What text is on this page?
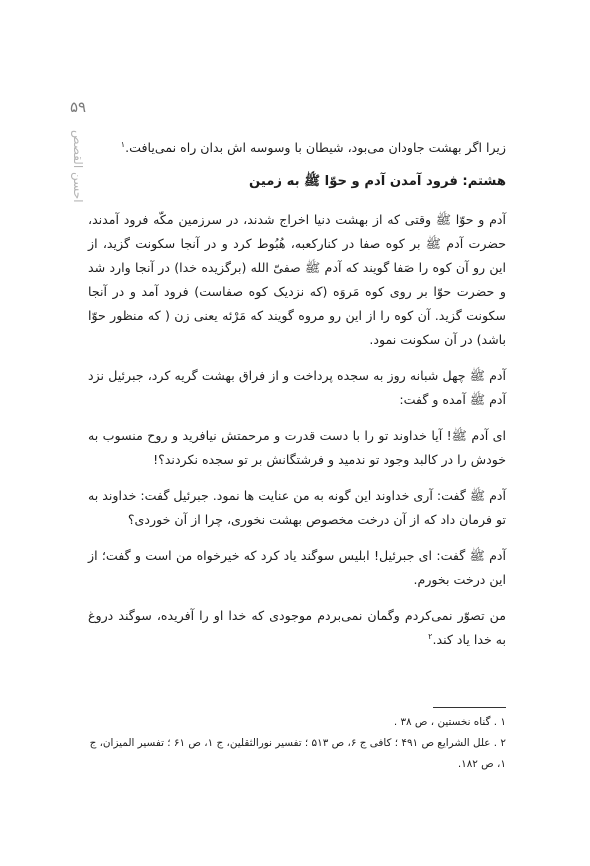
۵۹
احسن القصص	زیرا اگر بهشت جاودان می‌بود، شیطان با وسوسه اش بدان راه نمی‌یافت.$^۱$

هشتم: فرود آمدن آدم و حوّا ﷺ به زمین

آدم و حوّا ﷺ وقتی که از بهشت دنیا اخراج شدند، در سرزمین مکّه فرود آمدند، حضرت آدم ﷺ بر کوه صفا در کنارکعبه، هُبُوط کرد و در آنجا سکونت گزید، از این رو آن کوه را صَفا گویند که آدم ﷺ صفیّ الله (برگزیده خدا) در آنجا وارد شد و حضرت حوّا بر روی کوه مَروَه (که نزدیک کوه صفاست) فرود آمد و در آنجا سکونت گزید. آن کوه را از این رو مروه گویند که مَرْئه یعنی زن ( که منظور حوّا باشد) در آن سکونت نمود.

آدم ﷺ چهل شبانه روز به سجده پرداخت و از فراق بهشت گریه کرد، جبرئیل نزد آدم ﷺ آمده و گفت:

ای آدم ﷺ! آیا خداوند تو را با دست قدرت و مرحمتش نیافرید و روح منسوب به خودش را در کالبد وجود تو ندمید و فرشتگانش بر تو سجده نکردند؟!

آدم ﷺ گفت: آری خداوند این گونه به من عنایت ها نمود. جبرئیل گفت: خداوند به تو فرمان داد که از آن درخت مخصوص بهشت نخوری، چرا از آن خوردی؟

آدم ﷺ گفت: ای جبرئیل! ابلیس سوگند یاد کرد که خیرخواه من است و گفت؛ از این درخت بخورم.

من تصوّر نمی‌کردم وگمان نمی‌بردم موجودی که خدا او را آفریده، سوگند دروغ به خدا یاد کند.$^۲$

۱ . گناه نخستین ، ص ۳۸ .

۲ . علل الشرایع ص ۴۹۱ ؛ کافی ج ۶، ص ۵۱۳ ؛ تفسیر نورالثقلین، ج ۱، ص ۶۱ ؛ تفسیر المیزان، ج ۱، ص ۱۸۲.
